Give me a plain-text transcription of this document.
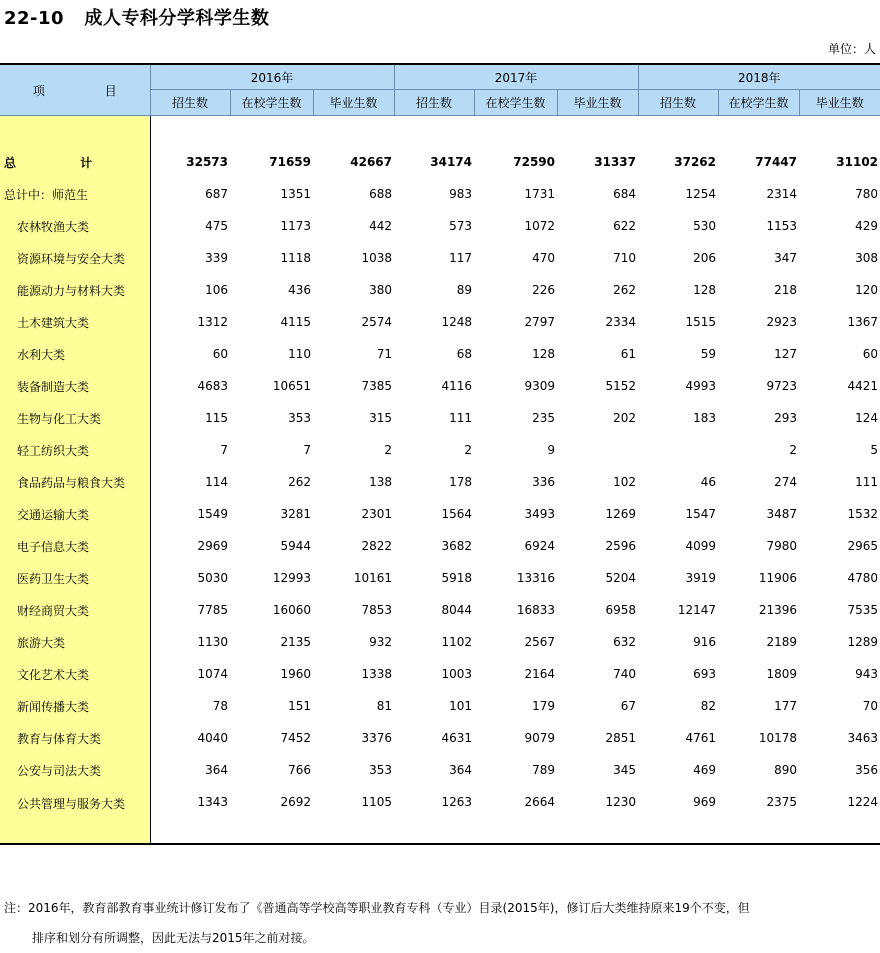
22-10   成人专科分学科学生数
单位：人
项 目	2016年			2017年			2018年		
	招生数	在校学生数	毕业生数	招生数	在校学生数	毕业生数	招生数	在校学生数	毕业生数

总 计	32573	71659	42667	34174	72590	31337	37262	77447	31102
总计中：师范生	687	1351	688	983	1731	684	1254	2314	780
农林牧渔大类	475	1173	442	573	1072	622	530	1153	429
资源环境与安全大类	339	1118	1038	117	470	710	206	347	308
能源动力与材料大类	106	436	380	89	226	262	128	218	120
土木建筑大类	1312	4115	2574	1248	2797	2334	1515	2923	1367
水利大类	60	110	71	68	128	61	59	127	60
装备制造大类	4683	10651	7385	4116	9309	5152	4993	9723	4421
生物与化工大类	115	353	315	111	235	202	183	293	124
轻工纺织大类	7	7	2	2	9			2	5
食品药品与粮食大类	114	262	138	178	336	102	46	274	111
交通运输大类	1549	3281	2301	1564	3493	1269	1547	3487	1532
电子信息大类	2969	5944	2822	3682	6924	2596	4099	7980	2965
医药卫生大类	5030	12993	10161	5918	13316	5204	3919	11906	4780
财经商贸大类	7785	16060	7853	8044	16833	6958	12147	21396	7535
旅游大类	1130	2135	932	1102	2567	632	916	2189	1289
文化艺术大类	1074	1960	1338	1003	2164	740	693	1809	943
新闻传播大类	78	151	81	101	179	67	82	177	70
教育与体育大类	4040	7452	3376	4631	9079	2851	4761	10178	3463
公安与司法大类	364	766	353	364	789	345	469	890	356
公共管理与服务大类	1343	2692	1105	1263	2664	1230	969	2375	1224
注：2016年，教育部教育事业统计修订发布了《普通高等学校高等职业教育专科（专业）目录(2015年)，修订后大类维持原来19个不变，但
排序和划分有所调整，因此无法与2015年之前对接。
